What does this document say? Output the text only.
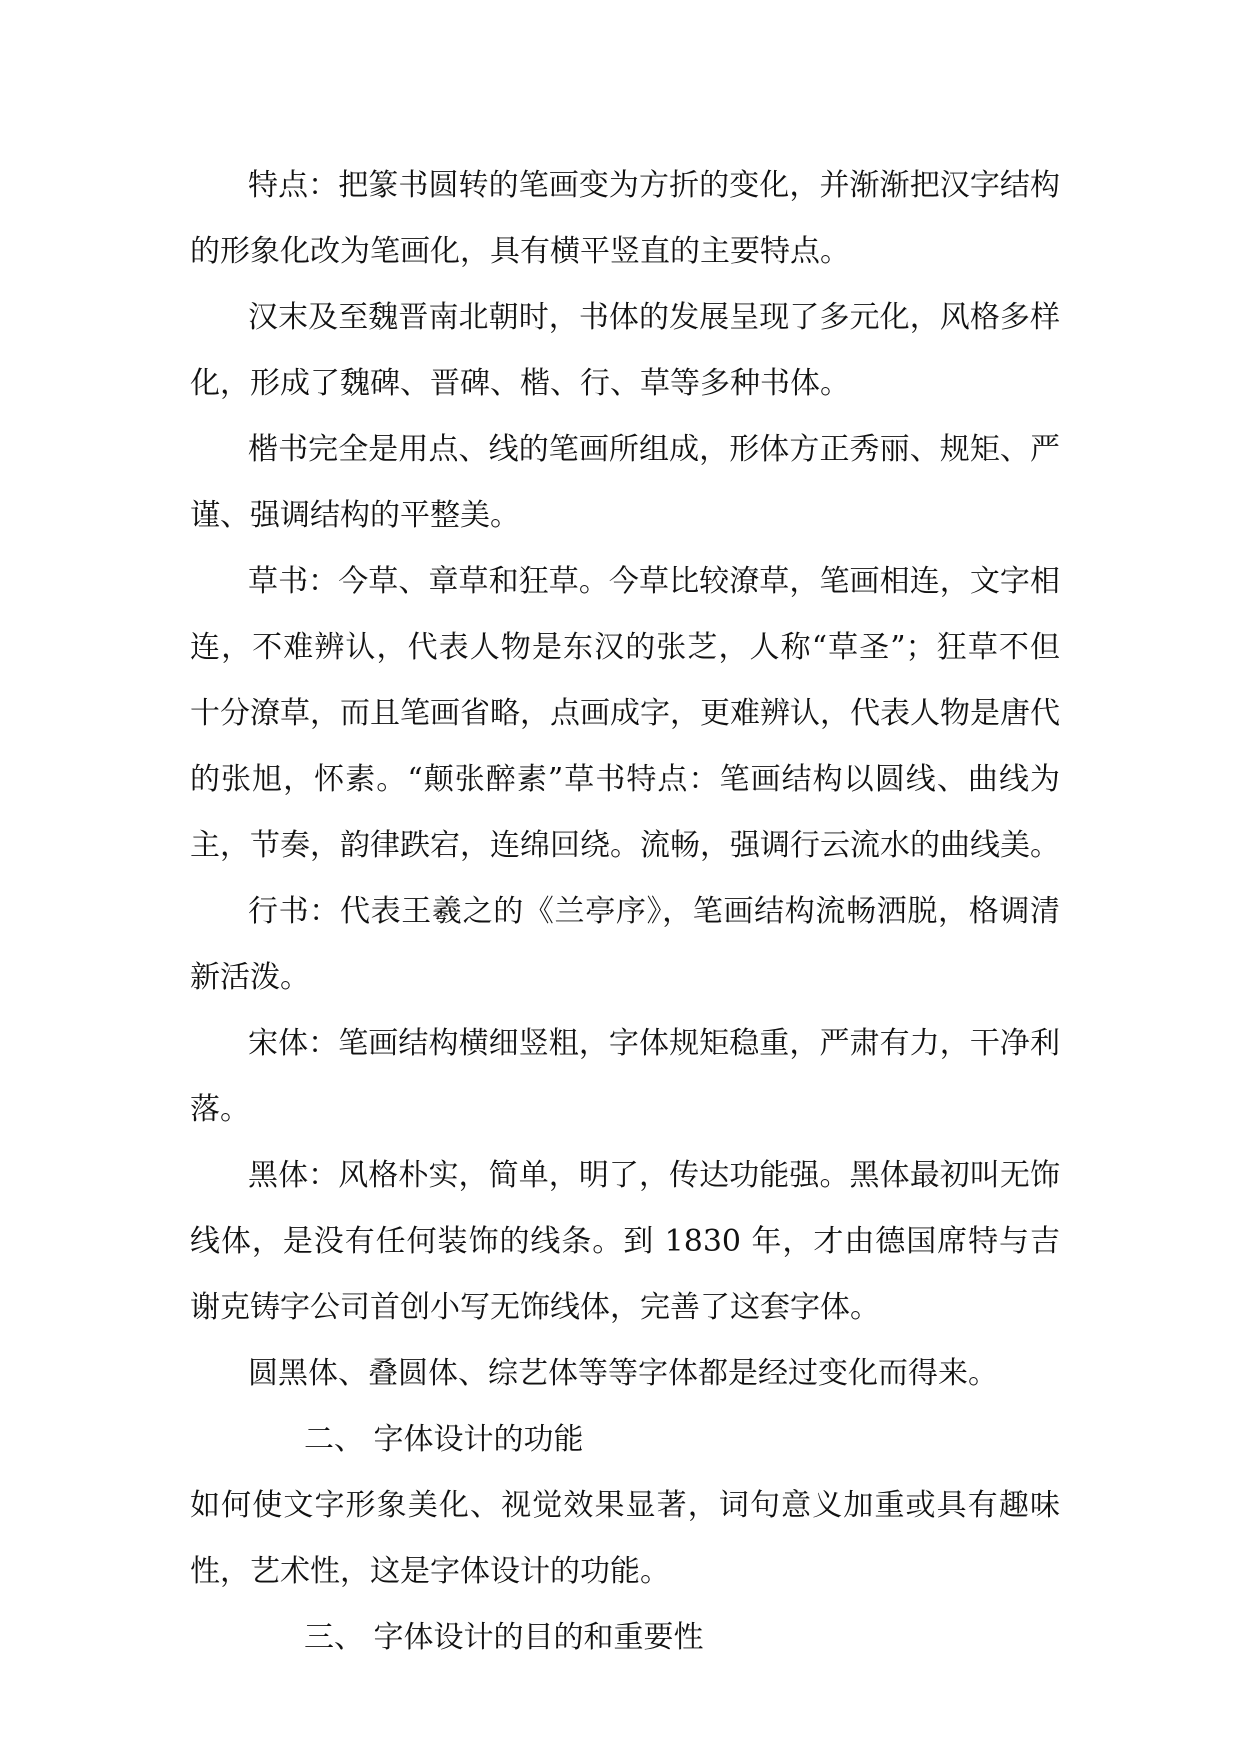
特点：把篆书圆转的笔画变为方折的变化，并渐渐把汉字结构的形象化改为笔画化，具有横平竖直的主要特点。

汉末及至魏晋南北朝时，书体的发展呈现了多元化，风格多样化，形成了魏碑、晋碑、楷、行、草等多种书体。

楷书完全是用点、线的笔画所组成，形体方正秀丽、规矩、严谨、强调结构的平整美。

草书：今草、章草和狂草。今草比较潦草，笔画相连，文字相连，不难辨认，代表人物是东汉的张芝，人称“草圣”；狂草不但十分潦草，而且笔画省略，点画成字，更难辨认，代表人物是唐代的张旭，怀素。“颠张醉素”草书特点：笔画结构以圆线、曲线为主，节奏，韵律跌宕，连绵回绕。流畅，强调行云流水的曲线美。

行书：代表王羲之的《兰亭序》，笔画结构流畅洒脱，格调清新活泼。

宋体：笔画结构横细竖粗，字体规矩稳重，严肃有力，干净利落。

黑体：风格朴实，简单，明了，传达功能强。黑体最初叫无饰线体，是没有任何装饰的线条。到 1830 年，才由德国席特与吉谢克铸字公司首创小写无饰线体，完善了这套字体。

圆黑体、叠圆体、综艺体等等字体都是经过变化而得来。

二、 字体设计的功能

如何使文字形象美化、视觉效果显著，词句意义加重或具有趣味性，艺术性，这是字体设计的功能。

三、 字体设计的目的和重要性
